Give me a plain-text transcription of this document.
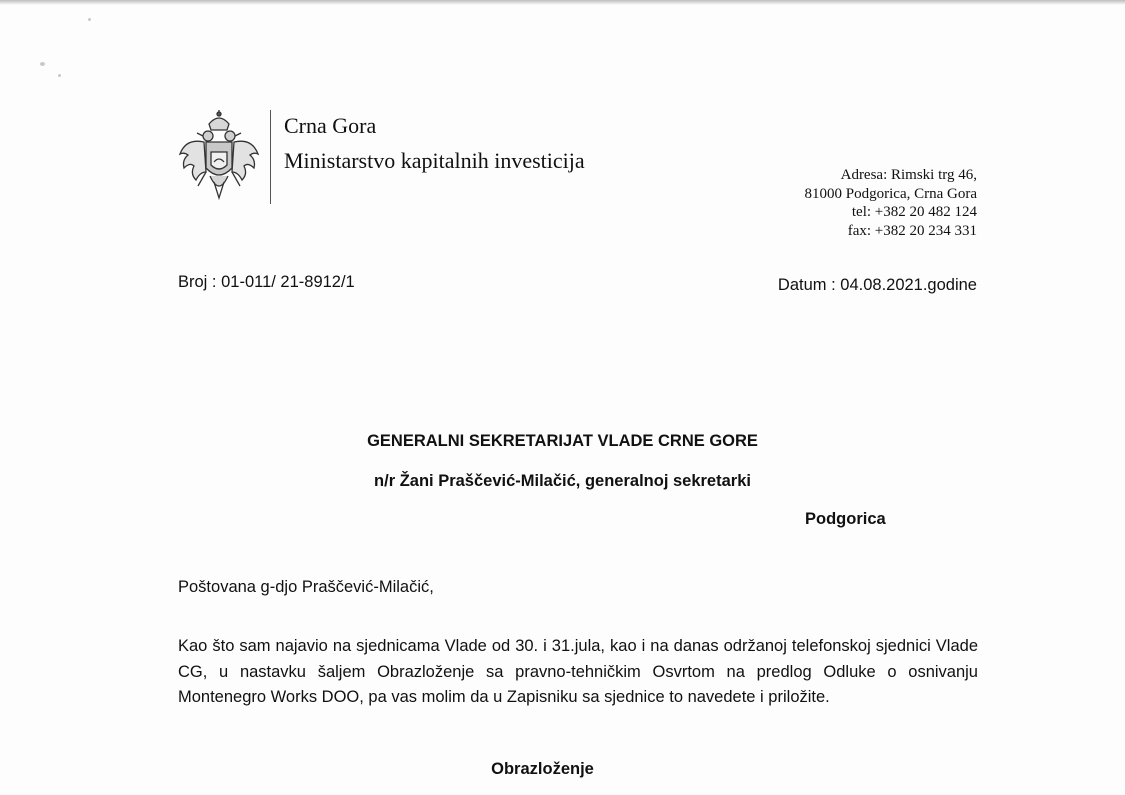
Crna Gora
Ministarstvo kapitalnih investicija
Adresa: Rimski trg 46,
81000 Podgorica, Crna Gora
tel: +382 20 482 124
fax: +382 20 234 331
Broj : 01-011/ 21-8912/1	Datum : 04.08.2021.godine
GENERALNI SEKRETARIJAT VLADE CRNE GORE
n/r Žani Praščević-Milačić, generalnoj sekretarki
Podgorica
Poštovana g-djo Praščević-Milačić,
Kao što sam najavio na sjednicama Vlade od 30. i 31.jula, kao i na danas održanoj telefonskoj sjednici Vlade CG, u nastavku šaljem Obrazloženje sa pravno-tehničkim Osvrtom na predlog Odluke o osnivanju Montenegro Works DOO, pa vas molim da u Zapisniku sa sjednice to navedete i priložite.
Obrazloženje
